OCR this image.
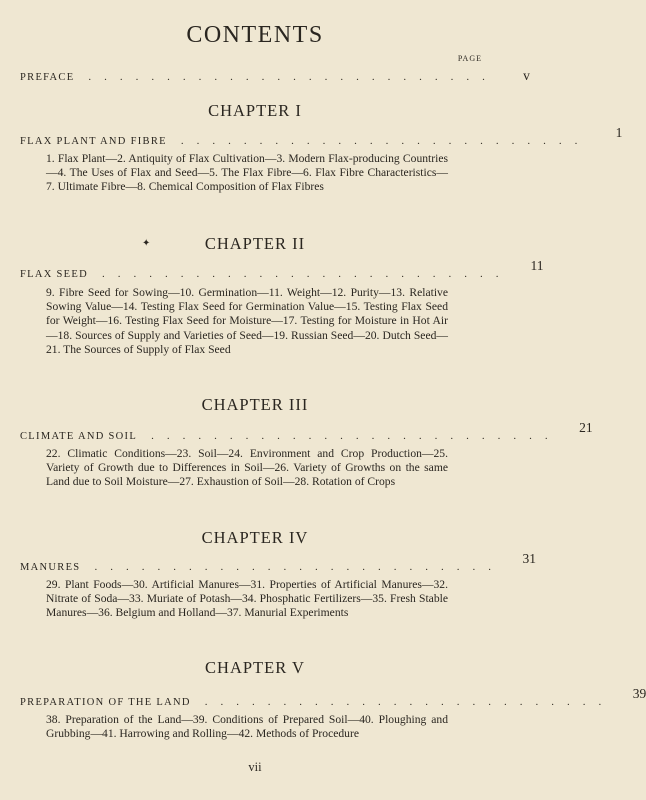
CONTENTS
PAGE
PREFACE ..........................	v
CHAPTER I
FLAX PLANT AND FIBRE ..........................
1
1. Flax Plant—2. Antiquity of Flax Cultivation—3. Modern Flax-producing Countries—4. The Uses of Flax and Seed—5. The Flax Fibre—6. Flax Fibre Characteristics—7. Ultimate Fibre—8. Chemical Composition of Flax Fibres
CHAPTER II
✦
FLAX SEED ..........................
11
9. Fibre Seed for Sowing—10. Germination—11. Weight—12. Purity—13. Relative Sowing Value—14. Testing Flax Seed for Germination Value—15. Testing Flax Seed for Weight—16. Testing Flax Seed for Moisture—17. Testing for Moisture in Hot Air—18. Sources of Supply and Varieties of Seed—19. Russian Seed—20. Dutch Seed—21. The Sources of Supply of Flax Seed
CHAPTER III
CLIMATE AND SOIL ..........................
21
22. Climatic Conditions—23. Soil—24. Environment and Crop Production—25. Variety of Growth due to Differences in Soil—26. Variety of Growths on the same Land due to Soil Moisture—27. Exhaustion of Soil—28. Rotation of Crops
CHAPTER IV
MANURES ..........................
31
29. Plant Foods—30. Artificial Manures—31. Properties of Artificial Manures—32. Nitrate of Soda—33. Muriate of Potash—34. Phosphatic Fertilizers—35. Fresh Stable Manures—36. Belgium and Holland—37. Manurial Experiments
CHAPTER V
PREPARATION OF THE LAND ..........................
39
38. Preparation of the Land—39. Conditions of Prepared Soil—40. Ploughing and Grubbing—41. Harrowing and Rolling—42. Methods of Procedure
vii
